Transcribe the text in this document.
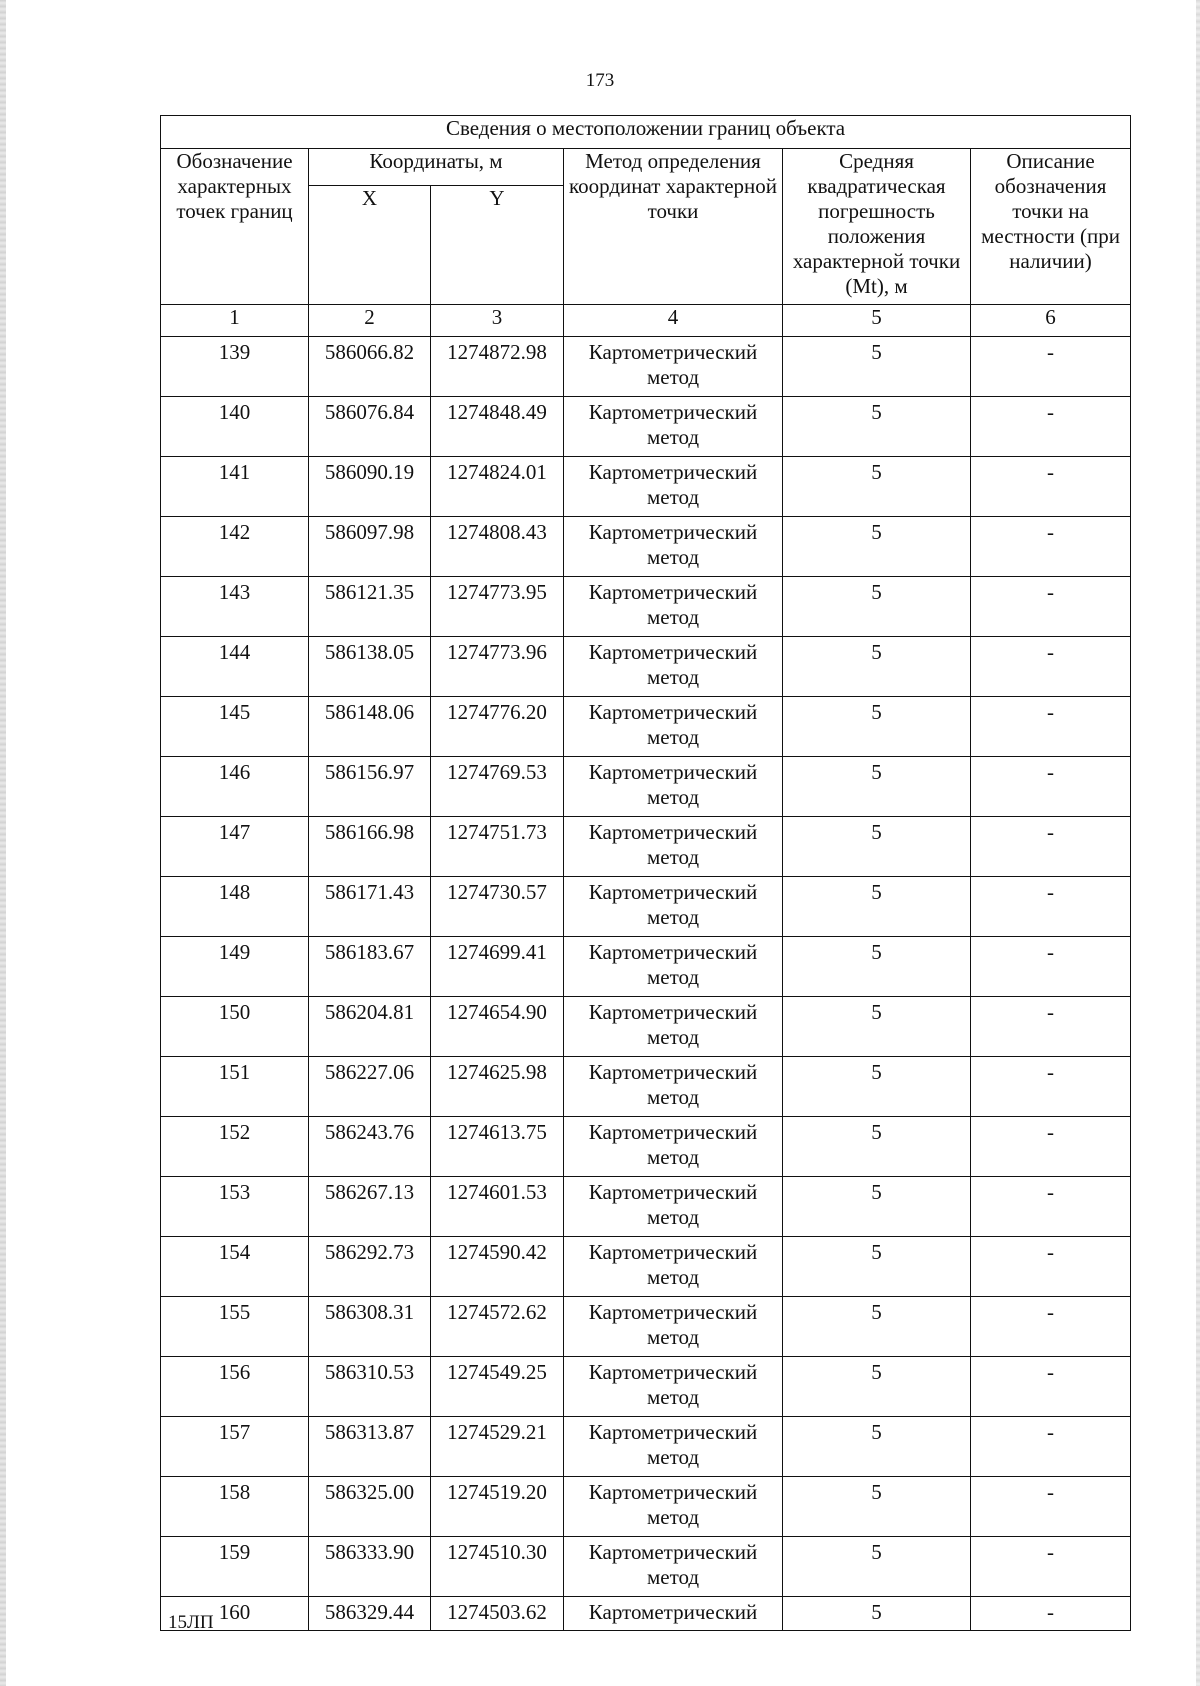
173
Сведения о местоположении границ объекта					
Обозначение характерных точек границ	Координаты, м		Метод определения координат характерной точки	Средняя квадратическая погрешность положения характерной точки (Mt), м	Описание обозначения точки на местности (при наличии)
	X	Y			
1	2	3	4	5	6
139	586066.82	1274872.98	Картометрический метод	5	-
140	586076.84	1274848.49	Картометрический метод	5	-
141	586090.19	1274824.01	Картометрический метод	5	-
142	586097.98	1274808.43	Картометрический метод	5	-
143	586121.35	1274773.95	Картометрический метод	5	-
144	586138.05	1274773.96	Картометрический метод	5	-
145	586148.06	1274776.20	Картометрический метод	5	-
146	586156.97	1274769.53	Картометрический метод	5	-
147	586166.98	1274751.73	Картометрический метод	5	-
148	586171.43	1274730.57	Картометрический метод	5	-
149	586183.67	1274699.41	Картометрический метод	5	-
150	586204.81	1274654.90	Картометрический метод	5	-
151	586227.06	1274625.98	Картометрический метод	5	-
152	586243.76	1274613.75	Картометрический метод	5	-
153	586267.13	1274601.53	Картометрический метод	5	-
154	586292.73	1274590.42	Картометрический метод	5	-
155	586308.31	1274572.62	Картометрический метод	5	-
156	586310.53	1274549.25	Картометрический метод	5	-
157	586313.87	1274529.21	Картометрический метод	5	-
158	586325.00	1274519.20	Картометрический метод	5	-
159	586333.90	1274510.30	Картометрический метод	5	-
160	586329.44	1274503.62	Картометрический	5	-
15ЛП
